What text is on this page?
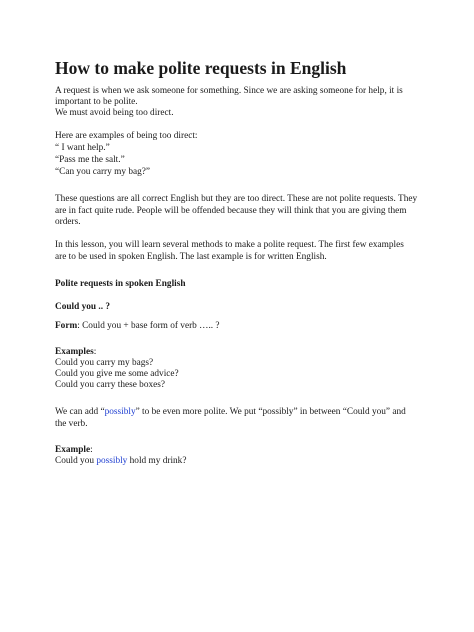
How to make polite requests in English

A request is when we ask someone for something. Since we are asking someone for help, it is

important to be polite.

We must avoid being too direct.

Here are examples of being too direct:

“ I want help.”

“Pass me the salt.”

“Can you carry my bag?”

These questions are all correct English but they are too direct. These are not polite requests. They

are in fact quite rude. People will be offended because they will think that you are giving them

orders.

In this lesson, you will learn several methods to make a polite request. The first few examples

are to be used in spoken English. The last example is for written English.

Polite requests in spoken English

Could you .. ?

Form: Could you + base form of verb ….. ?

Examples:

Could you carry my bags?

Could you give me some advice?

Could you carry these boxes?

We can add “possibly” to be even more polite. We put “possibly” in between “Could you” and

the verb.

Example:

Could you possibly hold my drink?
